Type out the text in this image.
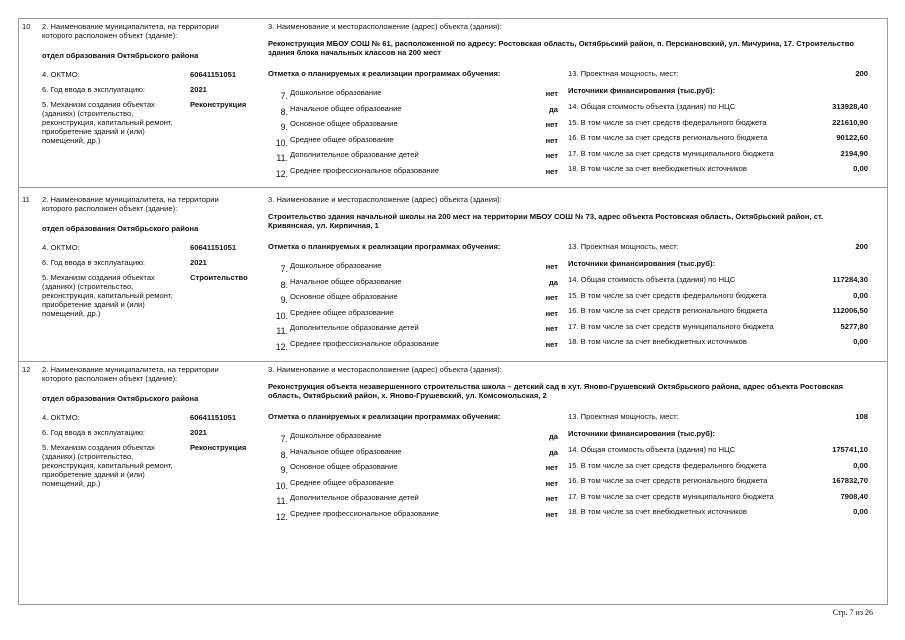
10 2. Наименование муниципалитета, на территории которого расположен объект (здание):
отдел образования Октябрьского района
4. ОКТМО:	60641151051
6. Год ввода в эксплуатацию:	2021
5. Механизм создания объектах (зданиях) (строительство, реконструкция, капитальный ремонт, приобретение зданий и (или) помещений, др.)
Реконструкция
3. Наименование и месторасположение (адрес) объекта (здания):
Реконструкция МБОУ СОШ № 61, расположенной по адресу: Ростовская область, Октябрьский район, п. Персиановский, ул. Мичурина, 17. Строительство здания блока начальных классов на 200 мест
Отметка о планируемых к реализации программах обучения:	13. Проектная мощность, мест:	200
Источники финансирования (тыс.руб):
7. Дошкольное образование	нет
8. Начальное общее образование	да
9. Основное общее образование	нет
10. Среднее общее образование	нет
11. Дополнительное образование детей	нет
12. Среднее профессиональное образование	нет
14. Общая стоимость объекта (здания) по НЦС	313928,40
15. В том числе за счет средств федерального бюджета	221610,90
16. В том числе за счет средств регионального бюджета	90122,60
17. В том числе за счет средств муниципального бюджета	2194,90
18. В том числе за счет внебюджетных источников	0,00
11 2. Наименование муниципалитета, на территории которого расположен объект (здание):
отдел образования Октябрьского района
4. ОКТМО:	60641151051
6. Год ввода в эксплуатацию:	2021
5. Механизм создания объектах (зданиях) (строительство, реконструкция, капитальный ремонт, приобретение зданий и (или) помещений, др.)
Строительство
3. Наименование и месторасположение (адрес) объекта (здания):
Строительство здания начальной школы на 200 мест на территории МБОУ СОШ № 73, адрес объекта Ростовская область, Октябрьский район, ст. Кривянская, ул. Кирпичная, 1
Отметка о планируемых к реализации программах обучения:	13. Проектная мощность, мест:	200
Источники финансирования (тыс.руб):
7. Дошкольное образование	нет
8. Начальное общее образование	да
9. Основное общее образование	нет
10. Среднее общее образование	нет
11. Дополнительное образование детей	нет
12. Среднее профессиональное образование	нет
14. Общая стоимость объекта (здания) по НЦС	117284,30
15. В том числе за счет средств федерального бюджета	0,00
16. В том числе за счет средств регионального бюджета	112006,50
17. В том числе за счет средств муниципального бюджета	5277,80
18. В том числе за счет внебюджетных источников	0,00
12 2. Наименование муниципалитета, на территории которого расположен объект (здание):
отдел образования Октябрьского района
4. ОКТМО:	60641151051
6. Год ввода в эксплуатацию:	2021
5. Механизм создания объектах (зданиях) (строительство, реконструкция, капитальный ремонт, приобретение зданий и (или) помещений, др.)
Реконструкция
3. Наименование и месторасположение (адрес) объекта (здания):
Реконструкция объекта незавершенного строительства школа – детский сад в хут. Яново-Грушевский Октябрьского района, адрес объекта Ростовская область, Октябрьский район, х. Яново-Грушевский, ул. Комсомольская, 2
Отметка о планируемых к реализации программах обучения:	13. Проектная мощность, мест:	108
Источники финансирования (тыс.руб):
7. Дошкольное образование	да
8. Начальное общее образование	да
9. Основное общее образование	нет
10. Среднее общее образование	нет
11. Дополнительное образование детей	нет
12. Среднее профессиональное образование	нет
14. Общая стоимость объекта (здания) по НЦС	175741,10
15. В том числе за счет средств федерального бюджета	0,00
16. В том числе за счет средств регионального бюджета	167832,70
17. В том числе за счет средств муниципального бюджета	7908,40
18. В том числе за счет внебюджетных источников	0,00
Стр. 7 из 26
